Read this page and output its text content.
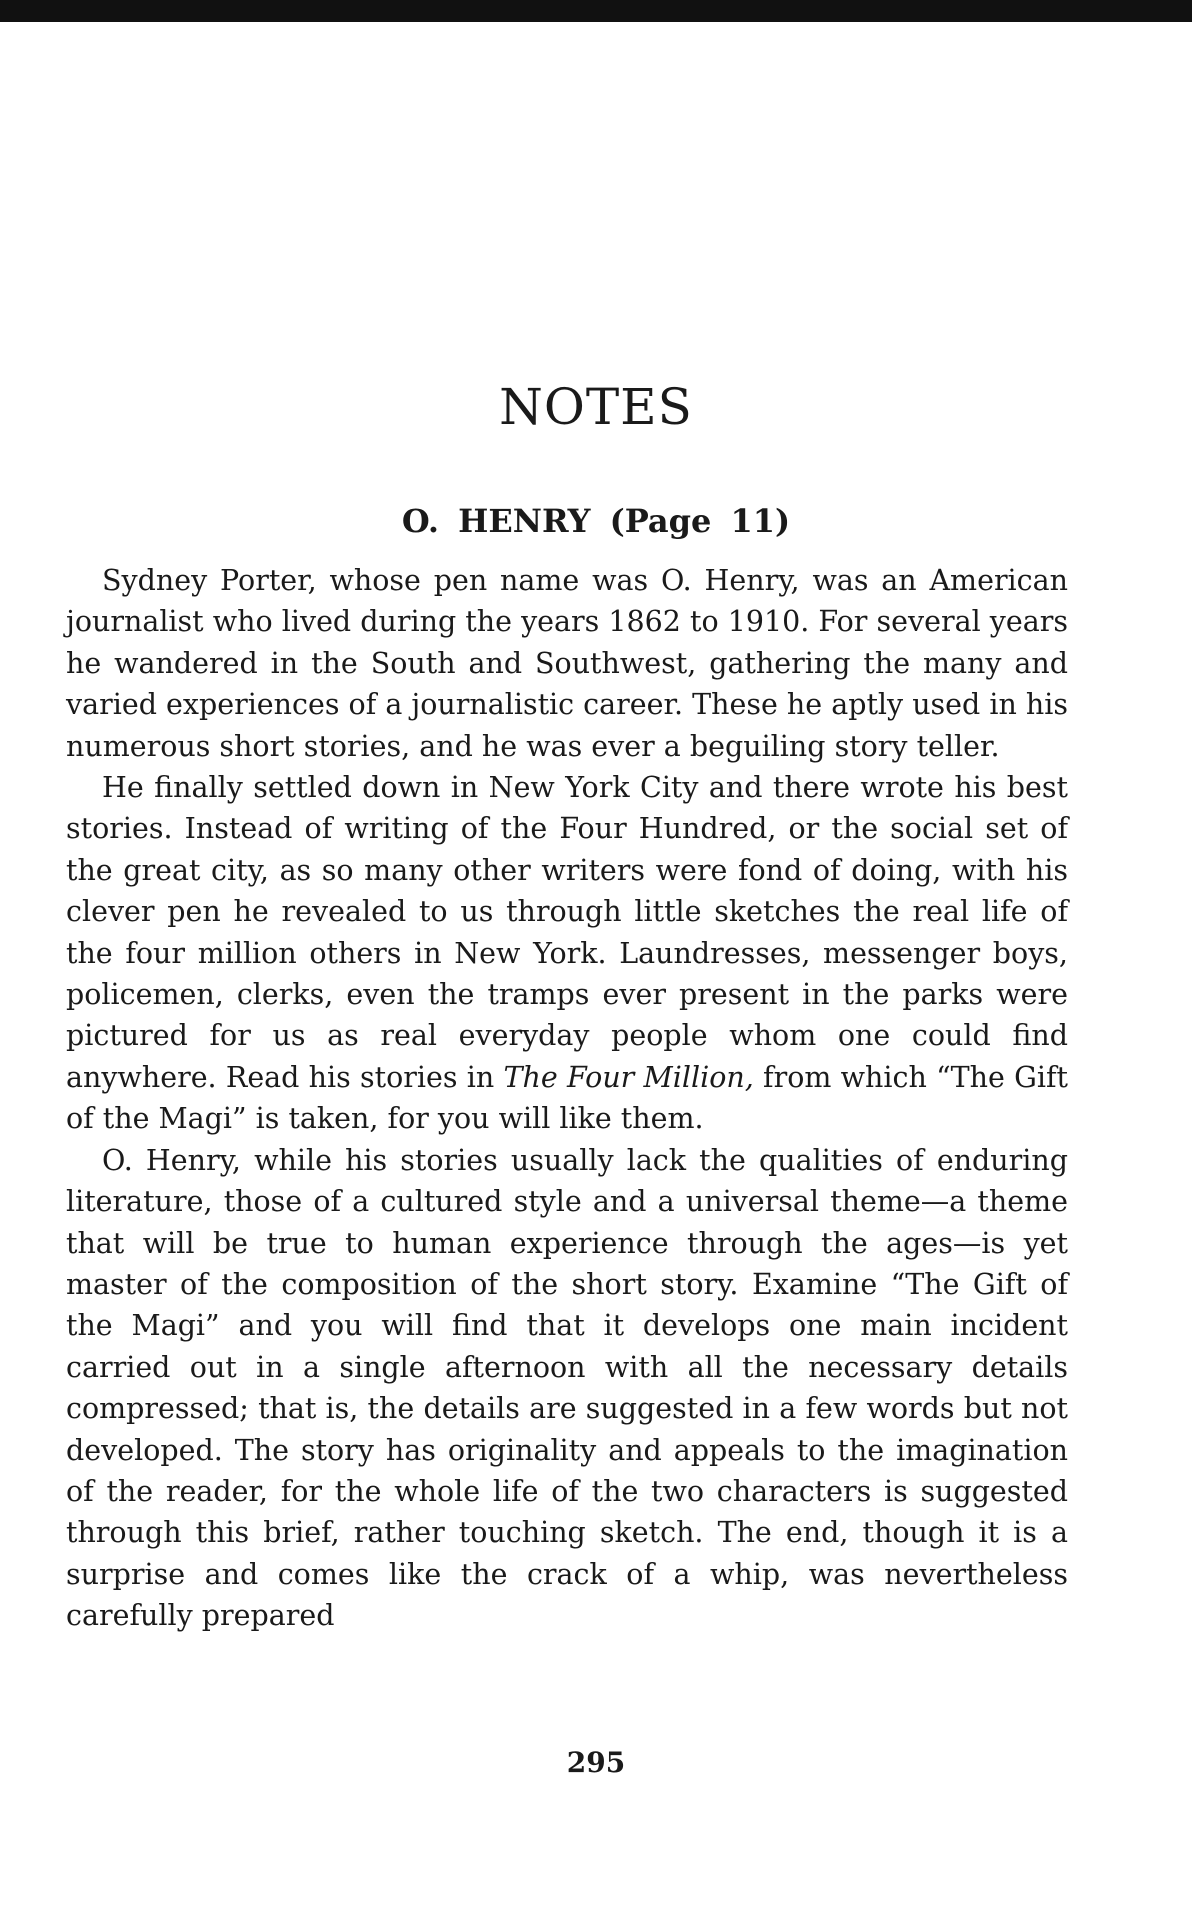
NOTES
O. HENRY (Page 11)

Sydney Porter, whose pen name was O. Henry, was an American journalist who lived during the years 1862 to 1910. For several years he wandered in the South and Southwest, gathering the many and varied experiences of a journalistic career. These he aptly used in his numerous short stories, and he was ever a beguiling story teller.

He finally settled down in New York City and there wrote his best stories. Instead of writing of the Four Hundred, or the social set of the great city, as so many other writers were fond of doing, with his clever pen he revealed to us through little sketches the real life of the four million others in New York. Laundresses, messenger boys, policemen, clerks, even the tramps ever present in the parks were pictured for us as real everyday people whom one could find anywhere. Read his stories in The Four Million, from which “The Gift of the Magi” is taken, for you will like them.

O. Henry, while his stories usually lack the qualities of enduring literature, those of a cultured style and a universal theme—a theme that will be true to human experience through the ages—is yet master of the composition of the short story. Examine “The Gift of the Magi” and you will find that it develops one main incident carried out in a single afternoon with all the necessary details compressed; that is, the details are suggested in a few words but not developed. The story has originality and appeals to the imagination of the reader, for the whole life of the two characters is suggested through this brief, rather touching sketch. The end, though it is a surprise and comes like the crack of a whip, was nevertheless carefully prepared

295
